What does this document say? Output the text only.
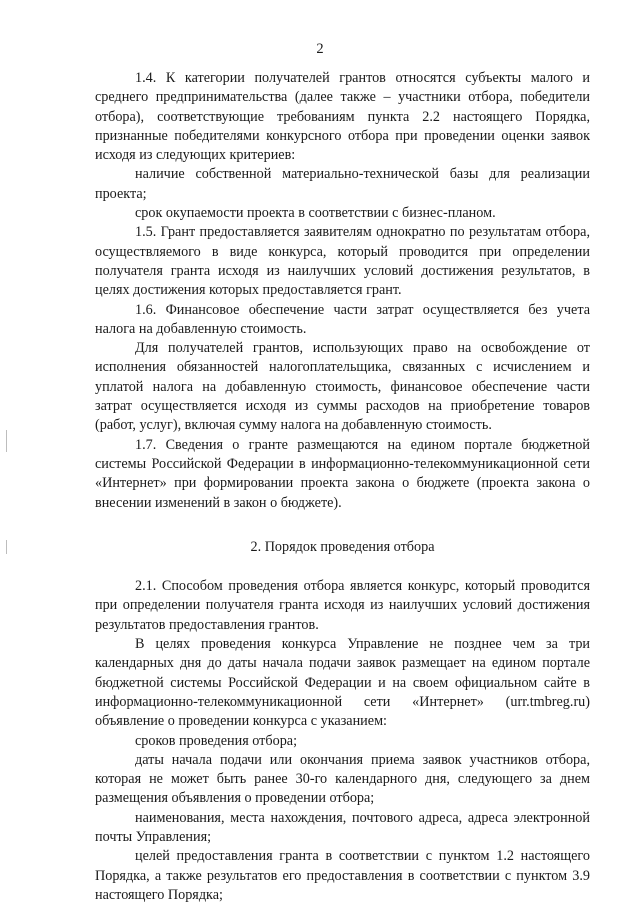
2

1.4. К категории получателей грантов относятся субъекты малого и среднего предпринимательства (далее также – участники отбора, победители отбора), соответствующие требованиям пункта 2.2 настоящего Порядка, признанные победителями конкурсного отбора при проведении оценки заявок исходя из следующих критериев:

наличие собственной материально-технической базы для реализации проекта;

срок окупаемости проекта в соответствии с бизнес-планом.

1.5. Грант предоставляется заявителям однократно по результатам отбора, осуществляемого в виде конкурса, который проводится при определении получателя гранта исходя из наилучших условий достижения результатов, в целях достижения которых предоставляется грант.

1.6. Финансовое обеспечение части затрат осуществляется без учета налога на добавленную стоимость.

Для получателей грантов, использующих право на освобождение от исполнения обязанностей налогоплательщика, связанных с исчислением и уплатой налога на добавленную стоимость, финансовое обеспечение части затрат осуществляется исходя из суммы расходов на приобретение товаров (работ, услуг), включая сумму налога на добавленную стоимость.

1.7. Сведения о гранте размещаются на едином портале бюджетной системы Российской Федерации в информационно-телекоммуникационной сети «Интернет» при формировании проекта закона о бюджете (проекта закона о внесении изменений в закон о бюджете).

2. Порядок проведения отбора

2.1. Способом проведения отбора является конкурс, который проводится при определении получателя гранта исходя из наилучших условий достижения результатов предоставления грантов.

В целях проведения конкурса Управление не позднее чем за три календарных дня до даты начала подачи заявок размещает на едином портале бюджетной системы Российской Федерации и на своем официальном сайте в информационно-телекоммуникационной сети «Интернет» (urr.tmbreg.ru) объявление о проведении конкурса с указанием:

сроков проведения отбора;

даты начала подачи или окончания приема заявок участников отбора, которая не может быть ранее 30-го календарного дня, следующего за днем размещения объявления о проведении отбора;

наименования, места нахождения, почтового адреса, адреса электронной почты Управления;

целей предоставления гранта в соответствии с пунктом 1.2 настоящего Порядка, а также результатов его предоставления в соответствии с пунктом 3.9 настоящего Порядка;
